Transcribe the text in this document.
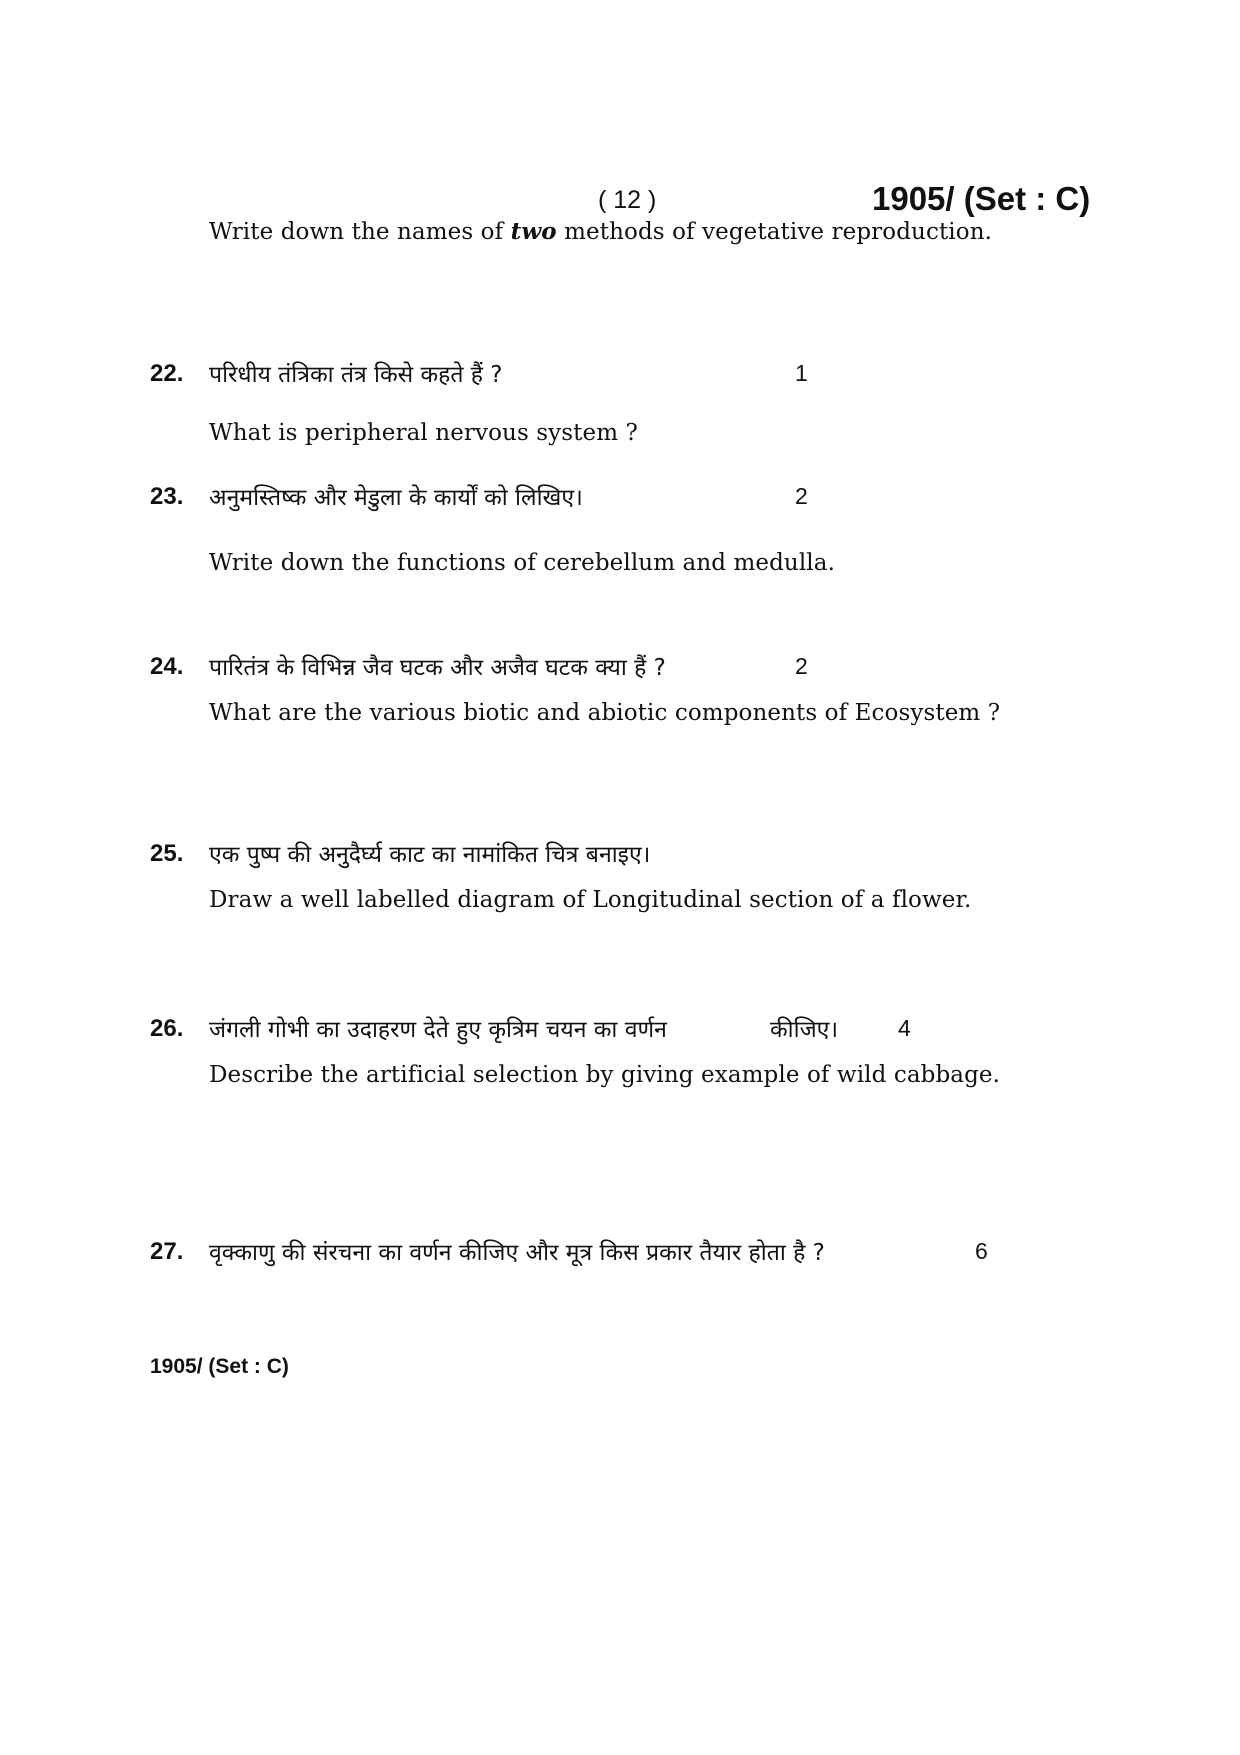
( 12 )	1905/ (Set : C)
Write down the names of two methods of vegetative reproduction.
22. परिधीय तंत्रिका तंत्र किसे कहते हैं ?	1
What is peripheral nervous system ?
23. अनुमस्तिष्क और मेडुला के कार्यों को लिखिए।	2
Write down the functions of cerebellum and medulla.
24. पारितंत्र के विभिन्न जैव घटक और अजैव घटक क्या हैं ?	2
What are the various biotic and abiotic components of Ecosystem ?
25. एक पुष्प की अनुदैर्घ्य काट का नामांकित चित्र बनाइए।
Draw a well labelled diagram of Longitudinal section of a flower.
26. जंगली गोभी का उदाहरण देते हुए कृत्रिम चयन का वर्णन	कीजिए।	4
Describe the artificial selection by giving example of wild cabbage.
27. वृक्काणु की संरचना का वर्णन कीजिए और मूत्र किस प्रकार तैयार होता है ?	6
1905/ (Set : C)
